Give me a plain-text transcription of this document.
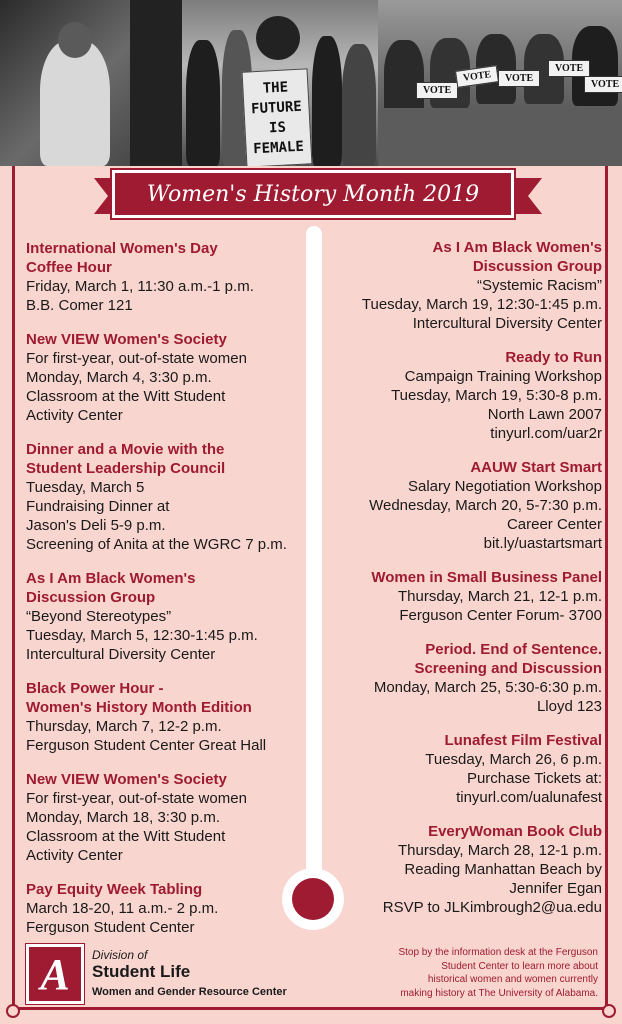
THE
FUTURE
IS
FEMALE
VOTE
VOTE	VOTE
VOTE
VOTE
Women's History Month 2019
International Women's Day
Coffee Hour
Friday, March 1, 11:30 a.m.-1 p.m.
B.B. Comer 121
New VIEW Women's Society
For first-year, out-of-state women
Monday, March 4, 3:30 p.m.
Classroom at the Witt Student
Activity Center
Dinner and a Movie with the
Student Leadership Council
Tuesday, March 5
Fundraising Dinner at
Jason's Deli 5-9 p.m.
Screening of Anita at the WGRC 7 p.m.
As I Am Black Women's
Discussion Group
“Beyond Stereotypes”
Tuesday, March 5, 12:30-1:45 p.m.
Intercultural Diversity Center
Black Power Hour -
Women's History Month Edition
Thursday, March 7, 12-2 p.m.
Ferguson Student Center Great Hall
New VIEW Women's Society
For first-year, out-of-state women
Monday, March 18, 3:30 p.m.
Classroom at the Witt Student
Activity Center
Pay Equity Week Tabling
March 18-20, 11 a.m.- 2 p.m.
Ferguson Student Center
As I Am Black Women's
Discussion Group
“Systemic Racism”
Tuesday, March 19, 12:30-1:45 p.m.
Intercultural Diversity Center
Ready to Run
Campaign Training Workshop
Tuesday, March 19, 5:30-8 p.m.
North Lawn 2007
tinyurl.com/uar2r
AAUW Start Smart
Salary Negotiation Workshop
Wednesday, March 20, 5-7:30 p.m.
Career Center
bit.ly/uastartsmart
Women in Small Business Panel
Thursday, March 21, 12-1 p.m.
Ferguson Center Forum- 3700
Period. End of Sentence.
Screening and Discussion
Monday, March 25, 5:30-6:30 p.m.
Lloyd 123
Lunafest Film Festival
Tuesday, March 26, 6 p.m.
Purchase Tickets at:
tinyurl.com/ualunafest
EveryWoman Book Club
Thursday, March 28, 12-1 p.m.
Reading Manhattan Beach by
Jennifer Egan
RSVP to JLKimbrough2@ua.edu
A Division of
Student Life
Women and Gender Resource Center
Stop by the information desk at the Ferguson
Student Center to learn more about
historical women and women currently
making history at The University of Alabama.
